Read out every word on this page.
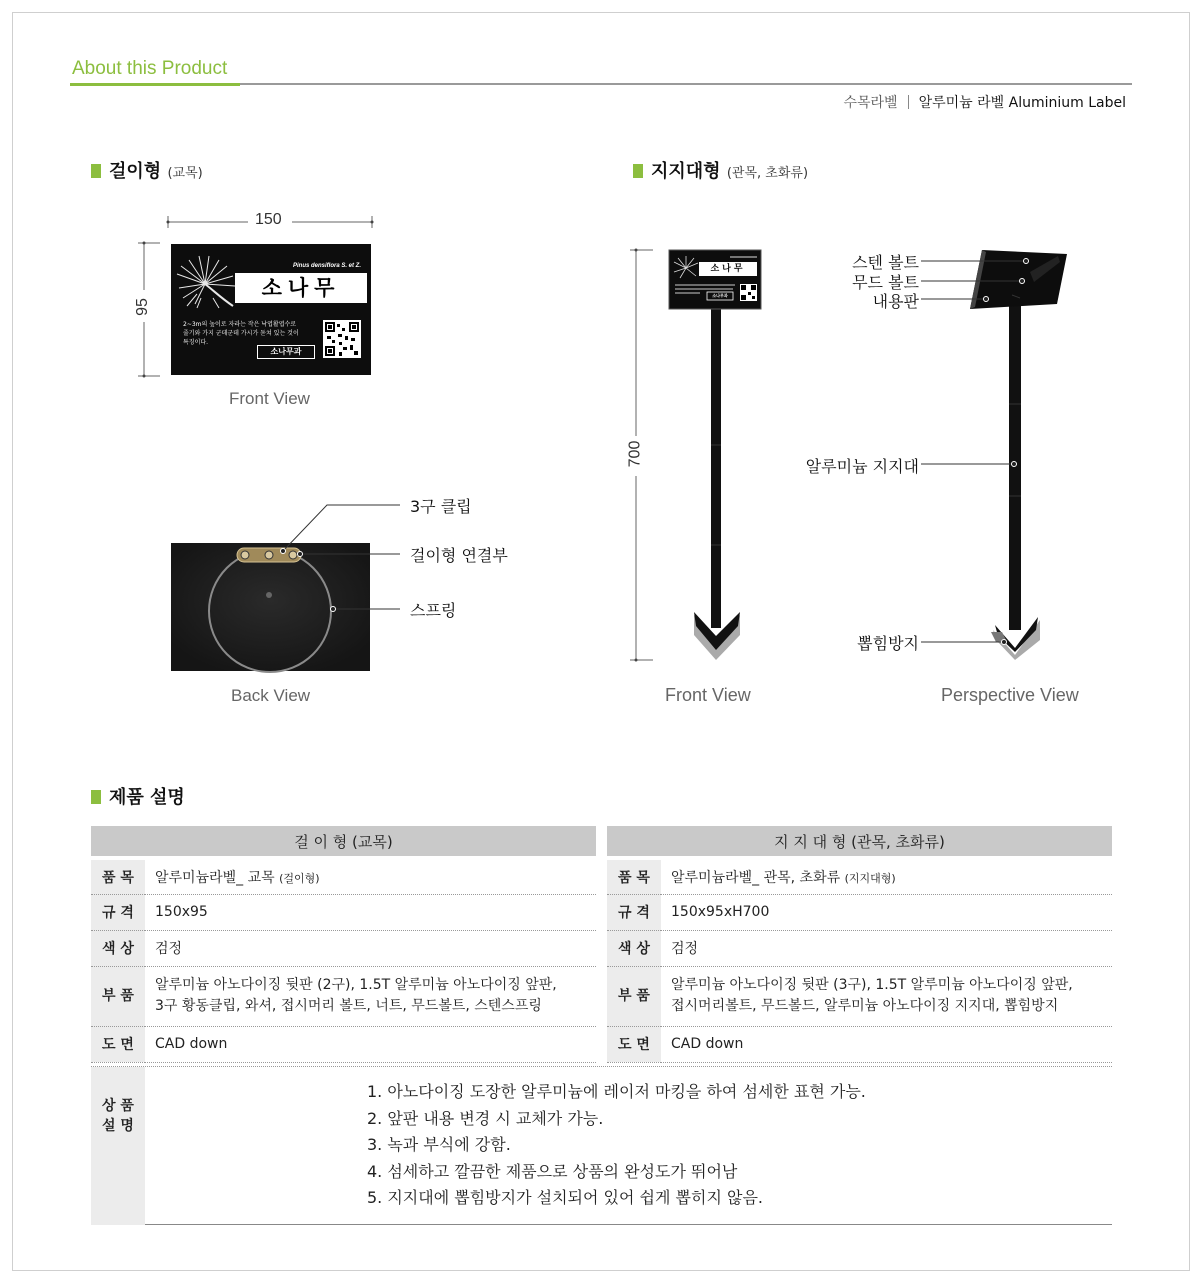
About this Product
수목라벨 알루미늄 라벨 Aluminium Label
걸이형 (교목)	지지대형 (관목, 초화류)
150
95
Pinus densiflora S. et Z.
소나무
2~3m의 높이로 자라는 작은 낙엽활엽수로
줄기와 가지 군데군데 가시가 돋쳐 있는 것이
특징이다.
소나무과
Front View
3구 클립
걸이형 연결부
스프링
Back View
700
소나무
소나무과
Front View
스텐 볼트
무드 볼트
내용판
알루미늄 지지대
뽑힘방지
Perspective View
제품 설명
걸 이 형 (교목)	
품 목	알루미늄라벨_ 교목 (걸이형)
규 격	150x95
색 상	검정
부 품	알루미늄 아노다이징 뒷판 (2구), 1.5T 알루미늄 아노다이징 앞판,
3구 황동클립, 와셔, 접시머리 볼트, 너트, 무드볼트, 스텐스프링

도 면	CAD down
지 지 대 형 (관목, 초화류)	
품 목	알루미늄라벨_ 관목, 초화류 (지지대형)
규 격	150x95xH700
색 상	검정
부 품	알루미늄 아노다이징 뒷판 (3구), 1.5T 알루미늄 아노다이징 앞판,
접시머리볼트, 무드볼드, 알루미늄 아노다이징 지지대, 뽑힘방지

도 면	CAD down
상 품
설 명
1. 아노다이징 도장한 알루미늄에 레이저 마킹을 하여 섬세한 표현 가능.
2. 앞판 내용 변경 시 교체가 가능.
3. 녹과 부식에 강함.
4. 섬세하고 깔끔한 제품으로 상품의 완성도가 뛰어남
5. 지지대에 뽑힘방지가 설치되어 있어 쉽게 뽑히지 않음.
